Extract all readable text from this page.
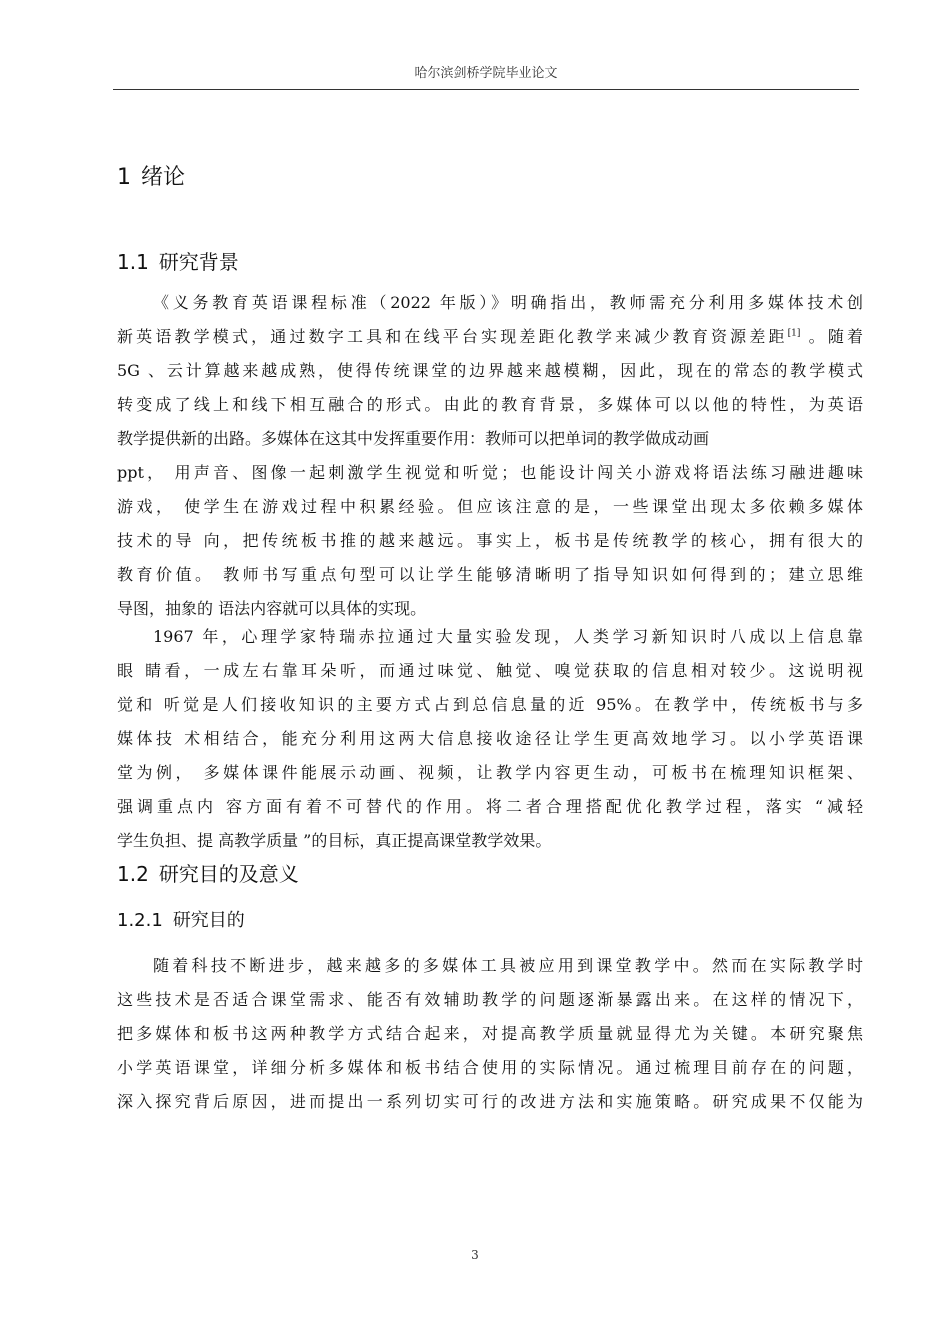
哈尔滨剑桥学院毕业论文
1 绪论
1.1 研究背景
《义务教育英语课程标准（2022 年版）》明确指出，教师需充分利用多媒体技术创
新英语教学模式，通过数字工具和在线平台实现差距化教学来减少教育资源差距[1] 。随着
5G 、云计算越来越成熟，使得传统课堂的边界越来越模糊，因此，现在的常态的教学模式
转变成了线上和线下相互融合的形式。由此的教育背景，多媒体可以以他的特性，为英语
教学提供新的出路。多媒体在这其中发挥重要作用：教师可以把单词的教学做成动画
ppt， 用声音、图像一起刺激学生视觉和听觉；也能设计闯关小游戏将语法练习融进趣味
游戏， 使学生在游戏过程中积累经验。但应该注意的是，一些课堂出现太多依赖多媒体
技术的导 向，把传统板书推的越来越远。事实上，板书是传统教学的核心，拥有很大的
教育价值。 教师书写重点句型可以让学生能够清晰明了指导知识如何得到的；建立思维
导图，抽象的 语法内容就可以具体的实现。
1967 年，心理学家特瑞赤拉通过大量实验发现，人类学习新知识时八成以上信息靠
眼 睛看，一成左右靠耳朵听，而通过味觉、触觉、嗅觉获取的信息相对较少。这说明视
觉和 听觉是人们接收知识的主要方式占到总信息量的近 95%。在教学中，传统板书与多
媒体技 术相结合，能充分利用这两大信息接收途径让学生更高效地学习。以小学英语课
堂为例， 多媒体课件能展示动画、视频，让教学内容更生动，可板书在梳理知识框架、
强调重点内 容方面有着不可替代的作用。将二者合理搭配优化教学过程，落实 “减轻
学生负担、提 高教学质量 ”的目标，真正提高课堂教学效果。
1.2 研究目的及意义
1.2.1 研究目的
随着科技不断进步，越来越多的多媒体工具被应用到课堂教学中。然而在实际教学时
这些技术是否适合课堂需求、能否有效辅助教学的问题逐渐暴露出来。在这样的情况下，
把多媒体和板书这两种教学方式结合起来，对提高教学质量就显得尤为关键。本研究聚焦
小学英语课堂，详细分析多媒体和板书结合使用的实际情况。通过梳理目前存在的问题，
深入探究背后原因，进而提出一系列切实可行的改进方法和实施策略。研究成果不仅能为
3
